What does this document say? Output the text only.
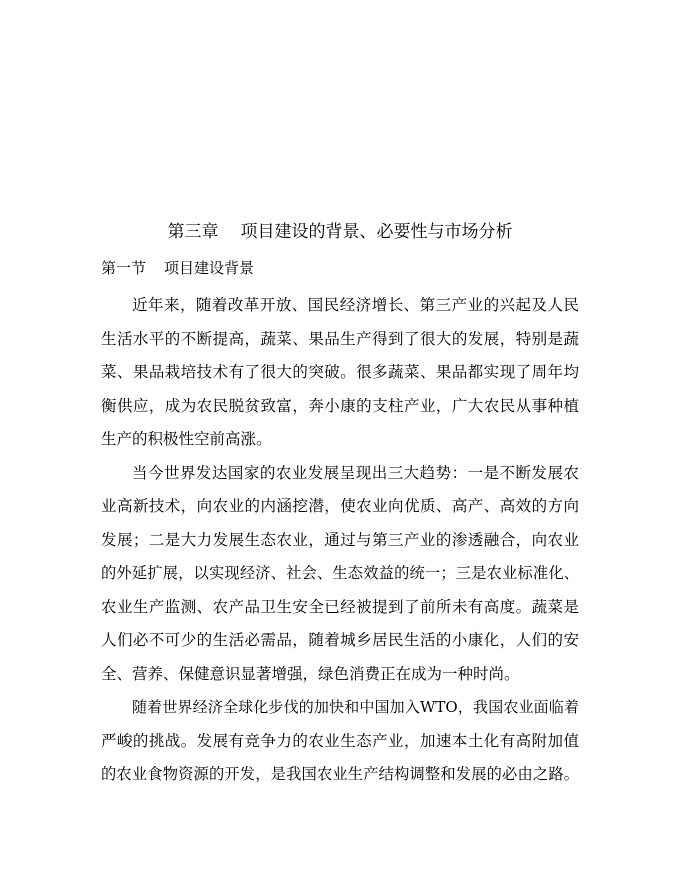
第三章 项目建设的背景、必要性与市场分析
第一节 项目建设背景
近年来，随着改革开放、国民经济增长、第三产业的兴起及人民
生活水平的不断提高，蔬菜、果品生产得到了很大的发展，特别是蔬
菜、果品栽培技术有了很大的突破。很多蔬菜、果品都实现了周年均
衡供应，成为农民脱贫致富，奔小康的支柱产业，广大农民从事种植
生产的积极性空前高涨。
当今世界发达国家的农业发展呈现出三大趋势：一是不断发展农
业高新技术，向农业的内涵挖潜，使农业向优质、高产、高效的方向
发展；二是大力发展生态农业，通过与第三产业的渗透融合，向农业
的外延扩展，以实现经济、社会、生态效益的统一；三是农业标准化、
农业生产监测、农产品卫生安全已经被提到了前所未有高度。蔬菜是
人们必不可少的生活必需品，随着城乡居民生活的小康化，人们的安
全、营养、保健意识显著增强，绿色消费正在成为一种时尚。
随着世界经济全球化步伐的加快和中国加入WTO，我国农业面临着
严峻的挑战。发展有竞争力的农业生态产业，加速本土化有高附加值
的农业食物资源的开发，是我国农业生产结构调整和发展的必由之路。
